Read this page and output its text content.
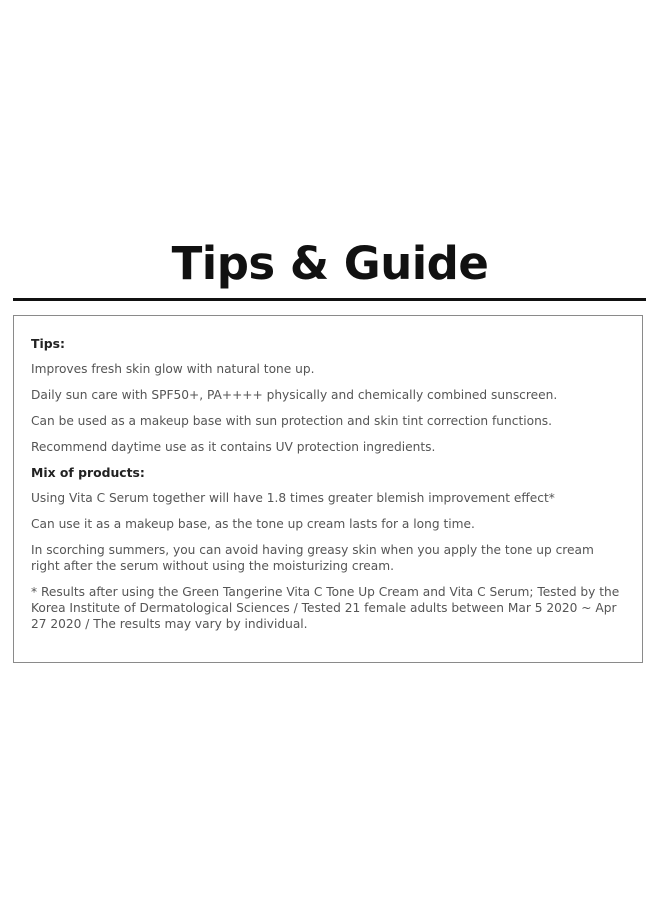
Tips & Guide
Tips:
Improves fresh skin glow with natural tone up.
Daily sun care with SPF50+, PA++++ physically and chemically combined sunscreen.
Can be used as a makeup base with sun protection and skin tint correction functions.
Recommend daytime use as it contains UV protection ingredients.
Mix of products:
Using Vita C Serum together will have 1.8 times greater blemish improvement effect*
Can use it as a makeup base, as the tone up cream lasts for a long time.
In scorching summers, you can avoid having greasy skin when you apply the tone up cream right after the serum without using the moisturizing cream.
* Results after using the Green Tangerine Vita C Tone Up Cream and Vita C Serum; Tested by the Korea Institute of Dermatological Sciences / Tested 21 female adults between Mar 5 2020 ~ Apr 27 2020 / The results may vary by individual.
